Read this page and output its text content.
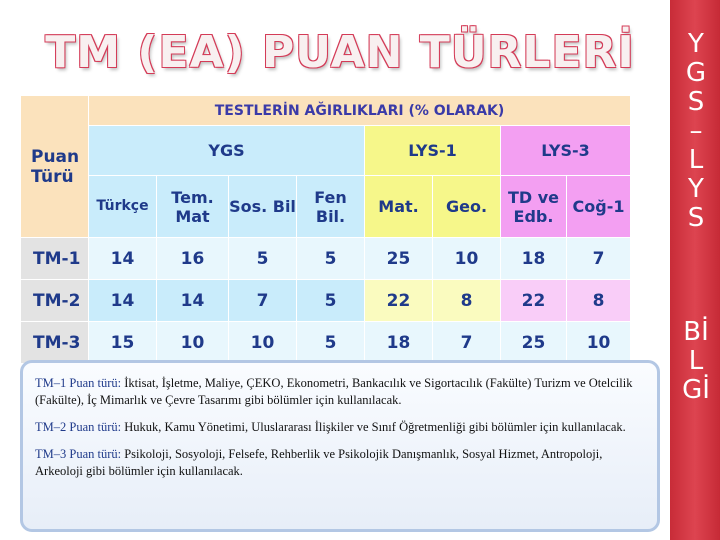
TM (EA) PUAN TÜRLERİ	Y
G
S
–
L
Y
S
Bİ
L
Gİ
Puan Türü	TESTLERİN AĞIRLIKLARI (% OLARAK)							
	YGS				LYS-1		LYS-3	
	Türkçe	Tem. Mat	Sos. Bil	Fen Bil.	Mat.	Geo.	TD ve Edb.	Coğ-1
TM-1	14	16	5	5	25	10	18	7
TM-2	14	14	7	5	22	8	22	8
TM-3	15	10	10	5	18	7	25	10

TM–1 Puan türü: İktisat, İşletme, Maliye, ÇEKO, Ekonometri, Bankacılık ve Sigortacılık (Fakülte) Turizm ve Otelcilik (Fakülte), İç Mimarlık ve Çevre Tasarımı gibi bölümler için kullanılacak.

TM–2 Puan türü: Hukuk, Kamu Yönetimi, Uluslararası İlişkiler ve Sınıf Öğretmenliği gibi bölümler için kullanılacak.

TM–3 Puan türü: Psikoloji, Sosyoloji, Felsefe, Rehberlik ve Psikolojik Danışmanlık, Sosyal Hizmet, Antropoloji, Arkeoloji gibi bölümler için kullanılacak.
